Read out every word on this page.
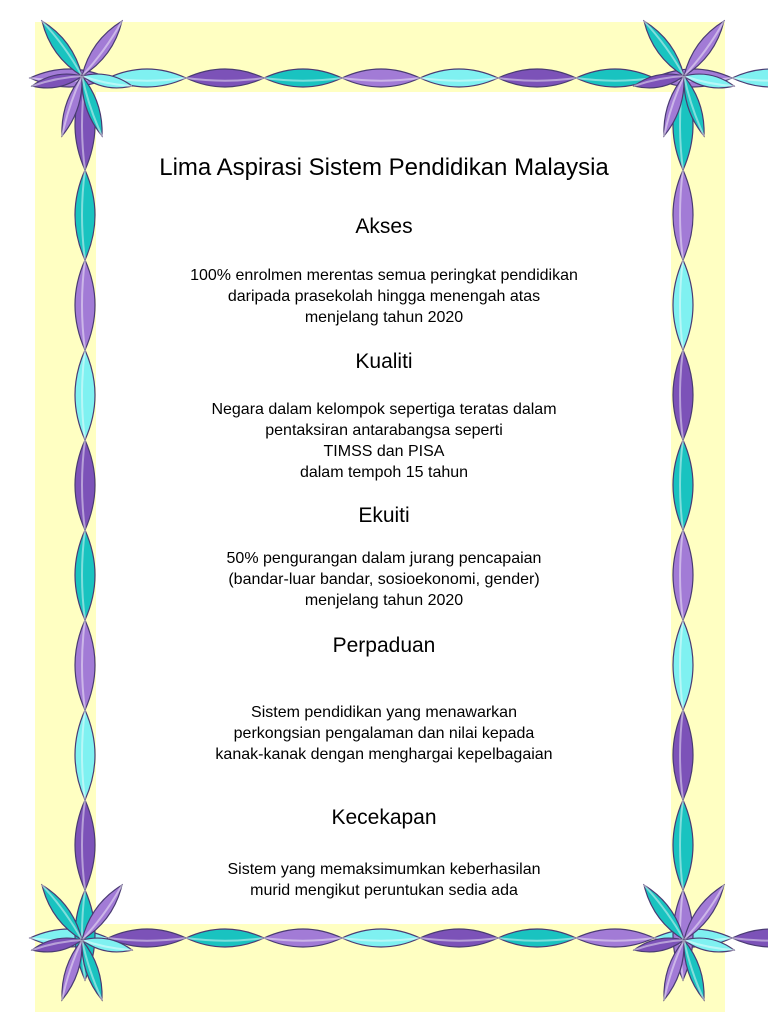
Lima Aspirasi Sistem Pendidikan Malaysia
Akses

100% enrolmen merentas semua peringkat pendidikan
daripada prasekolah hingga menengah atas
menjelang tahun 2020

Kualiti

Negara dalam kelompok sepertiga teratas dalam
pentaksiran antarabangsa seperti
TIMSS dan PISA
dalam tempoh 15 tahun

Ekuiti

50% pengurangan dalam jurang pencapaian
(bandar-luar bandar, sosioekonomi, gender)
menjelang tahun 2020

Perpaduan

Sistem pendidikan yang menawarkan
perkongsian pengalaman dan nilai kepada
kanak-kanak dengan menghargai kepelbagaian

Kecekapan

Sistem yang memaksimumkan keberhasilan
murid mengikut peruntukan sedia ada
